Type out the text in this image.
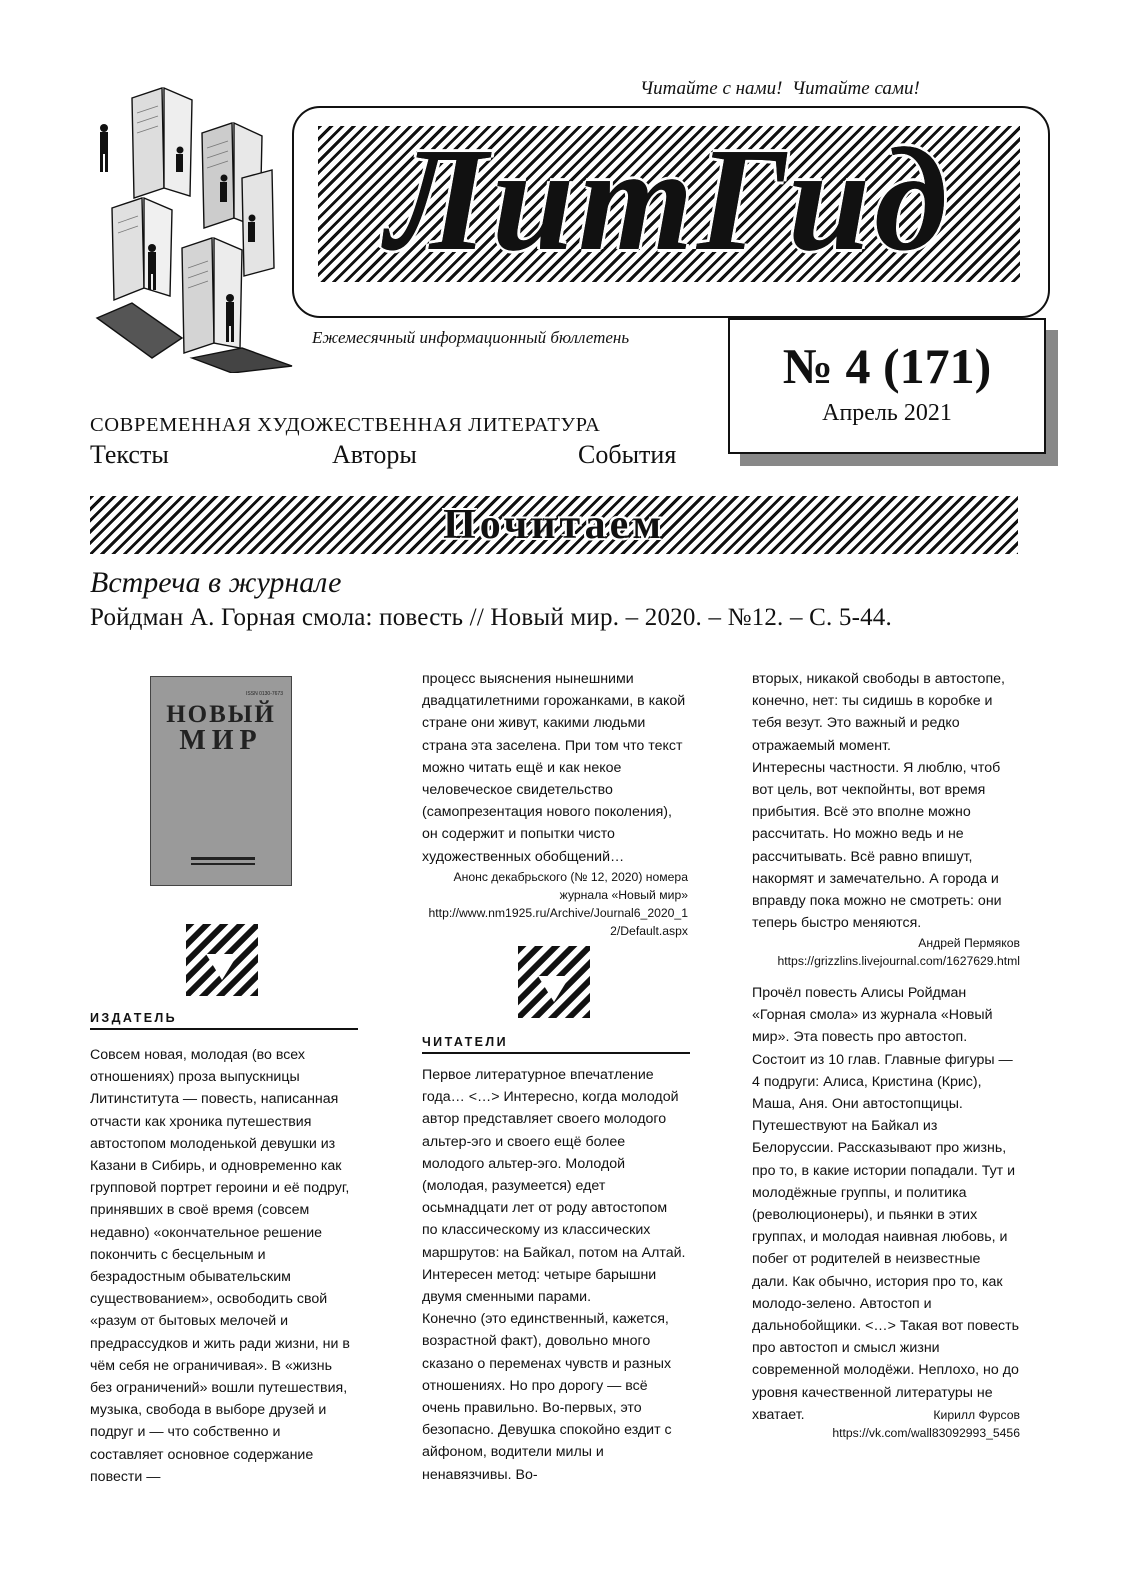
Читайте с нами!  Читайте сами!
ЛитГид
Ежемесячный информационный бюллетень
№ 4 (171)
Апрель 2021
СОВРЕМЕННАЯ ХУДОЖЕСТВЕННАЯ ЛИТЕРАТУРА
Тексты	Авторы	События
Почитаем
Встреча в журнале
Ройдман А. Горная смола: повесть // Новый мир. – 2020. – №12. – С. 5-44.
ISSN 0130-7673
НОВЫЙ
МИР
ИЗДАТЕЛЬ

Совсем новая, молодая (во всех отношениях) проза выпускницы Литинститута — повесть, написанная отчасти как хроника путешествия автостопом молоденькой девушки из Казани в Сибирь, и одновременно как групповой портрет героини и её подруг, принявших в своё время (совсем недавно) «окончательное решение покончить с бесцельным и безрадостным обывательским существованием», освободить свой «разум от бытовых мелочей и предрассудков и жить ради жизни, ни в чём себя не ограничивая». В «жизнь без ограничений» вошли путешествия, музыка, свобода в выборе друзей и подруг и — что собственно и составляет основное содержание повести —

процесс выяснения нынешними двадцатилетними горожанками, в какой стране они живут, какими людьми страна эта заселена. При том что текст можно читать ещё и как некое человеческое свидетельство (самопрезентация нового поколения), он содержит и попытки чисто художественных обобщений…

Анонс декабрьского (№ 12, 2020) номера
журнала «Новый мир»
http://www.nm1925.ru/Archive/Journal6_2020_1
2/Default.aspx
ЧИТАТЕЛИ

Первое литературное впечатление года… <…> Интересно, когда молодой автор представляет своего молодого альтер-эго и своего ещё более молодого альтер-эго. Молодой (молодая, разумеется) едет осьмнадцати лет от роду автостопом по классическому из классических маршрутов: на Байкал, потом на Алтай. Интересен метод: четыре барышни двумя сменными парами.

Конечно (это единственный, кажется, возрастной факт), довольно много сказано о переменах чувств и разных отношениях. Но про дорогу — всё очень правильно. Во-первых, это безопасно. Девушка спокойно ездит с айфоном, водители милы и ненавязчивы. Во-

вторых, никакой свободы в автостопе, конечно, нет: ты сидишь в коробке и тебя везут. Это важный и редко отражаемый момент.

Интересны частности. Я люблю, чтоб вот цель, вот чекпойнты, вот время прибытия. Всё это вполне можно рассчитать. Но можно ведь и не рассчитывать. Всё равно впишут, накормят и замечательно. А города и вправду пока можно не смотреть: они теперь быстро меняются.

Андрей Пермяков
https://grizzlins.livejournal.com/1627629.html

Прочёл повесть Алисы Ройдман «Горная смола» из журнала «Новый мир». Эта повесть про автостоп. Состоит из 10 глав. Главные фигуры — 4 подруги: Алиса, Кристина (Крис), Маша, Аня. Они автостопщицы. Путешествуют на Байкал из Белоруссии. Рассказывают про жизнь, про то, в какие истории попадали. Тут и молодёжные группы, и политика (революционеры), и пьянки в этих группах, и молодая наивная любовь, и побег от родителей в неизвестные дали. Как обычно, история про то, как молодо-зелено. Автостоп и дальнобойщики. <…> Такая вот повесть про автостоп и смысл жизни современной молодёжи. Неплохо, но до уровня качественной литературы не хватает.	Кирилл Фурсов
https://vk.com/wall83092993_5456
